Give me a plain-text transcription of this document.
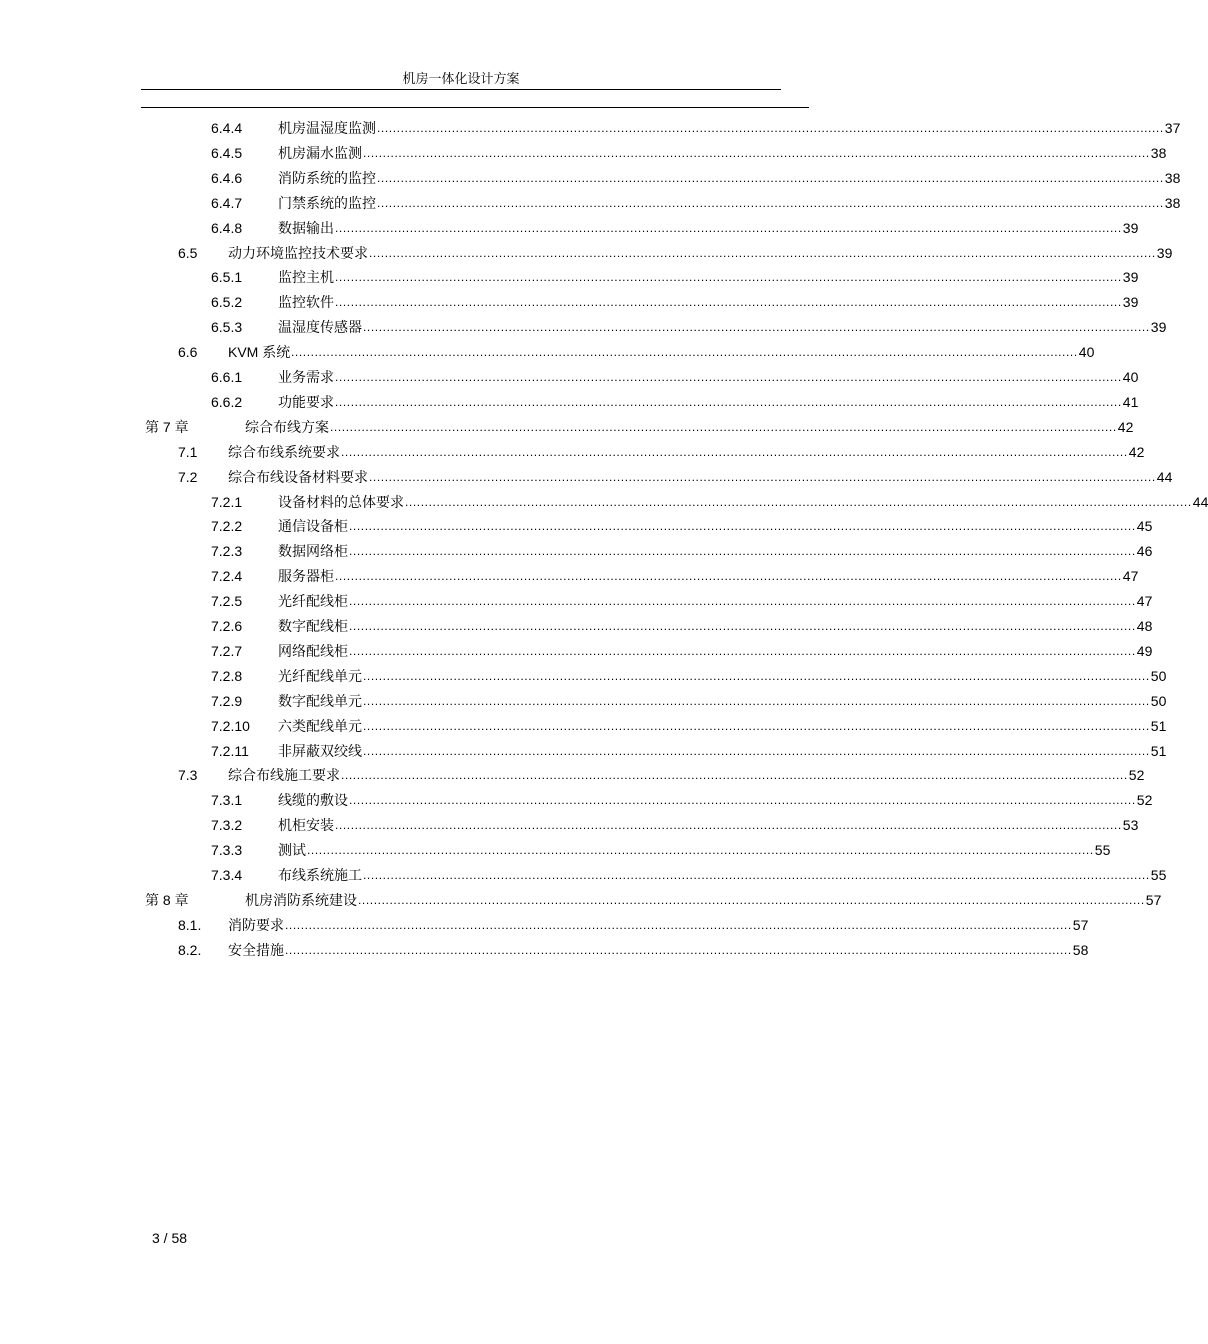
机房一体化设计方案
6.4.4	机房温湿度监测 ........................................................................................................................................................................................................ 37
6.4.5	机房漏水监测 ........................................................................................................................................................................................................ 38
6.4.6	消防系统的监控 ........................................................................................................................................................................................................ 38
6.4.7	门禁系统的监控 ........................................................................................................................................................................................................ 38
6.4.8	数据输出 ........................................................................................................................................................................................................ 39
6.5 动力环境监控技术要求 ........................................................................................................................................................................................................ 39
6.5.1	监控主机 ........................................................................................................................................................................................................ 39
6.5.2	监控软件 ........................................................................................................................................................................................................ 39
6.5.3	温湿度传感器 ........................................................................................................................................................................................................ 39
6.6 KVM 系统 ........................................................................................................................................................................................................ 40
6.6.1	业务需求 ........................................................................................................................................................................................................ 40
6.6.2	功能要求 ........................................................................................................................................................................................................ 41
第 7 章	综合布线方案 ........................................................................................................................................................................................................ 42
7.1 综合布线系统要求 ........................................................................................................................................................................................................ 42
7.2 综合布线设备材料要求 ........................................................................................................................................................................................................ 44
7.2.1	设备材料的总体要求 ........................................................................................................................................................................................................ 44
7.2.2	通信设备柜 ........................................................................................................................................................................................................ 45
7.2.3	数据网络柜 ........................................................................................................................................................................................................ 46
7.2.4	服务器柜 ........................................................................................................................................................................................................ 47
7.2.5	光纤配线柜 ........................................................................................................................................................................................................ 47
7.2.6	数字配线柜 ........................................................................................................................................................................................................ 48
7.2.7	网络配线柜 ........................................................................................................................................................................................................ 49
7.2.8	光纤配线单元 ........................................................................................................................................................................................................ 50
7.2.9	数字配线单元 ........................................................................................................................................................................................................ 50
7.2.10 六类配线单元 ........................................................................................................................................................................................................ 51
7.2.11 非屏蔽双绞线 ........................................................................................................................................................................................................ 51
7.3 综合布线施工要求 ........................................................................................................................................................................................................ 52
7.3.1	线缆的敷设 ........................................................................................................................................................................................................ 52
7.3.2	机柜安装 ........................................................................................................................................................................................................ 53
7.3.3	测试 ........................................................................................................................................................................................................ 55
7.3.4	布线系统施工 ........................................................................................................................................................................................................ 55
第 8 章	机房消防系统建设 ........................................................................................................................................................................................................ 57
8.1. 消防要求 ........................................................................................................................................................................................................ 57
8.2. 安全措施 ........................................................................................................................................................................................................ 58
3 / 58
